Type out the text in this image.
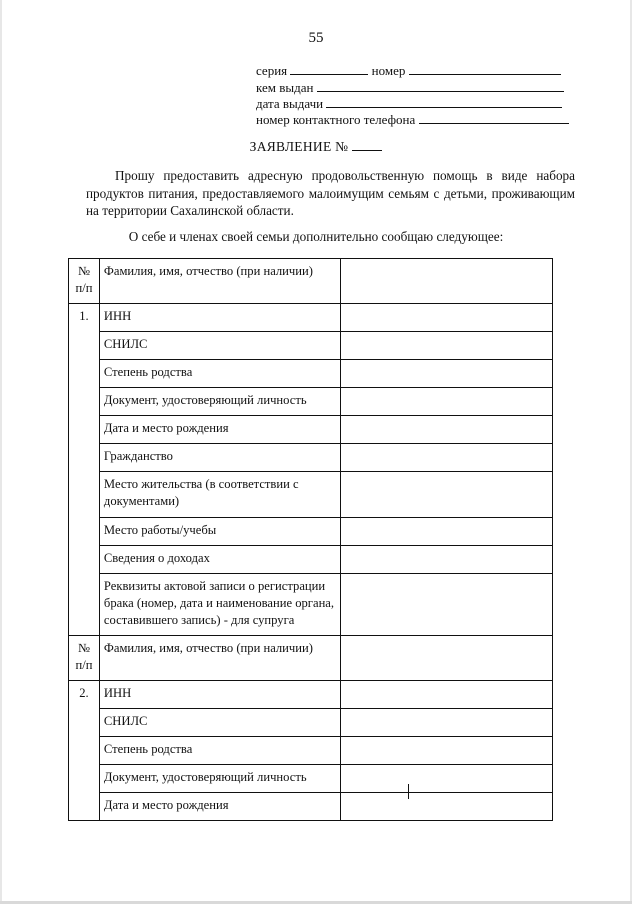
55
серия	номер
кем выдан
дата выдачи
номер контактного телефона
ЗАЯВЛЕНИЕ №
Прошу предоставить адресную продовольственную помощь в виде набора продуктов питания, предоставляемого малоимущим семьям с детьми, проживающим на территории Сахалинской области.
О себе и членах своей семьи дополнительно сообщаю следующее:
№ п/п	Фамилия, имя, отчество (при наличии)	
1.	ИНН	
	СНИЛС	
	Степень родства	
	Документ, удостоверяющий личность	
	Дата и место рождения	
	Гражданство	
	Место жительства (в соответствии с документами)	
	Место работы/учебы	
	Сведения о доходах	
	Реквизиты актовой записи о регистрации брака (номер, дата и наименование органа, составившего запись) - для супруга	
№ п/п	Фамилия, имя, отчество (при наличии)	
2.	ИНН	
	СНИЛС	
	Степень родства	
	Документ, удостоверяющий личность	
	Дата и место рождения	
